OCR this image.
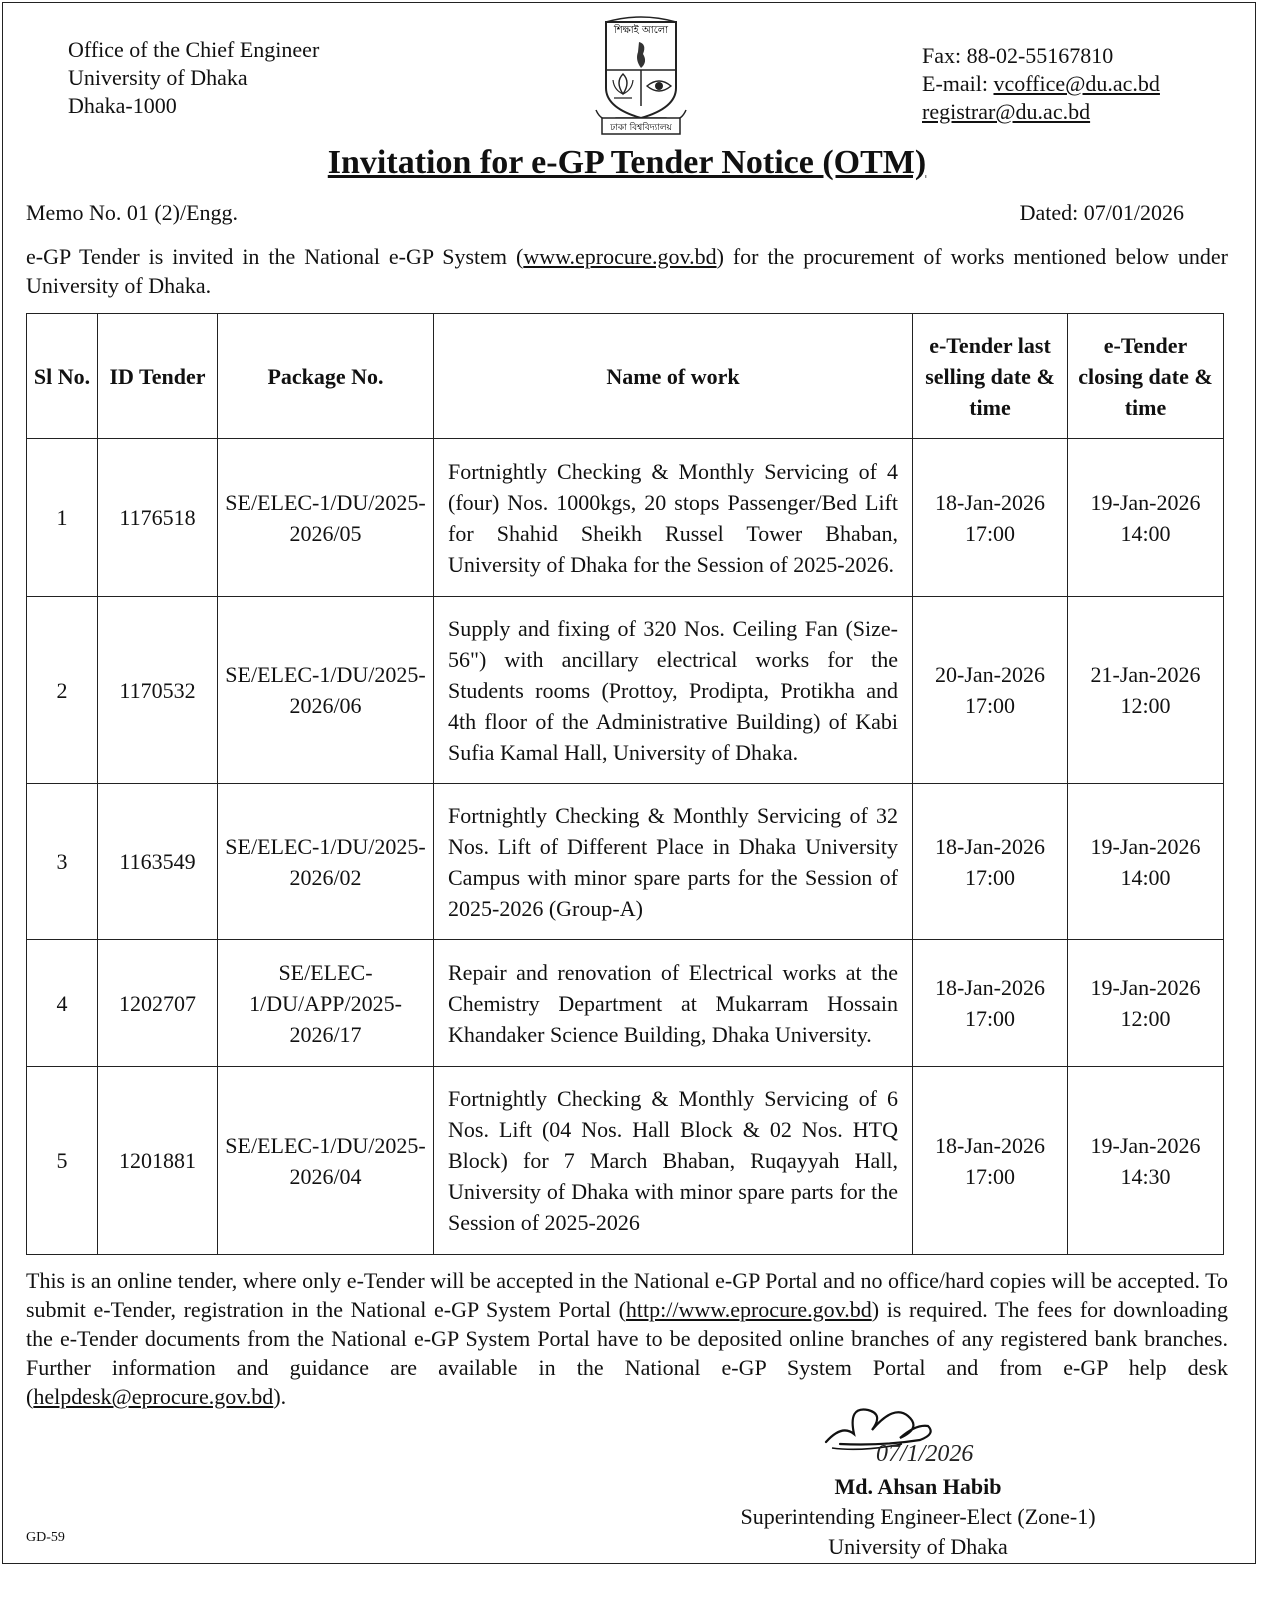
Office of the Chief Engineer
University of Dhaka
Dhaka-1000
শিক্ষাই আলো
ঢাকা বিশ্ববিদ্যালয়
Fax: 88-02-55167810
E-mail: vcoffice@du.ac.bd
registrar@du.ac.bd
Invitation for e-GP Tender Notice (OTM)
Memo No. 01 (2)/Engg.	Dated: 07/01/2026
e-GP Tender is invited in the National e-GP System (www.eprocure.gov.bd) for the procurement of works mentioned below under University of Dhaka.
Sl No.	ID Tender	Package No.	Name of work	e-Tender last selling date & time	e-Tender closing date & time
1	1176518	SE/ELEC-1/DU/2025-2026/05	Fortnightly Checking & Monthly Servicing of 4 (four) Nos. 1000kgs, 20 stops Passenger/Bed Lift for Shahid Sheikh Russel Tower Bhaban, University of Dhaka for the Session of 2025-2026.	18-Jan-2026 17:00	19-Jan-2026 14:00
2	1170532	SE/ELEC-1/DU/2025-2026/06	Supply and fixing of 320 Nos. Ceiling Fan (Size-56") with ancillary electrical works for the Students rooms (Prottoy, Prodipta, Protikha and 4th floor of the Administrative Building) of Kabi Sufia Kamal Hall, University of Dhaka.	20-Jan-2026 17:00	21-Jan-2026 12:00
3	1163549	SE/ELEC-1/DU/2025-2026/02	Fortnightly Checking & Monthly Servicing of 32 Nos. Lift of Different Place in Dhaka University Campus with minor spare parts for the Session of 2025-2026 (Group-A)	18-Jan-2026 17:00	19-Jan-2026 14:00
4	1202707	SE/ELEC-1/DU/APP/2025-2026/17	Repair and renovation of Electrical works at the Chemistry Department at Mukarram Hossain Khandaker Science Building, Dhaka University.	18-Jan-2026 17:00	19-Jan-2026 12:00
5	1201881	SE/ELEC-1/DU/2025-2026/04	Fortnightly Checking & Monthly Servicing of 6 Nos. Lift (04 Nos. Hall Block & 02 Nos. HTQ Block) for 7 March Bhaban, Ruqayyah Hall, University of Dhaka with minor spare parts for the Session of 2025-2026	18-Jan-2026 17:00	19-Jan-2026 14:30
This is an online tender, where only e-Tender will be accepted in the National e-GP Portal and no office/hard copies will be accepted. To submit e-Tender, registration in the National e-GP System Portal (http://www.eprocure.gov.bd) is required. The fees for downloading the e-Tender documents from the National e-GP System Portal have to be deposited online branches of any registered bank branches. Further information and guidance are available in the National e-GP System Portal and from e-GP help desk (helpdesk@eprocure.gov.bd).
07/1/2026
Md. Ahsan Habib
Superintending Engineer-Elect (Zone-1)
University of Dhaka
GD-59
